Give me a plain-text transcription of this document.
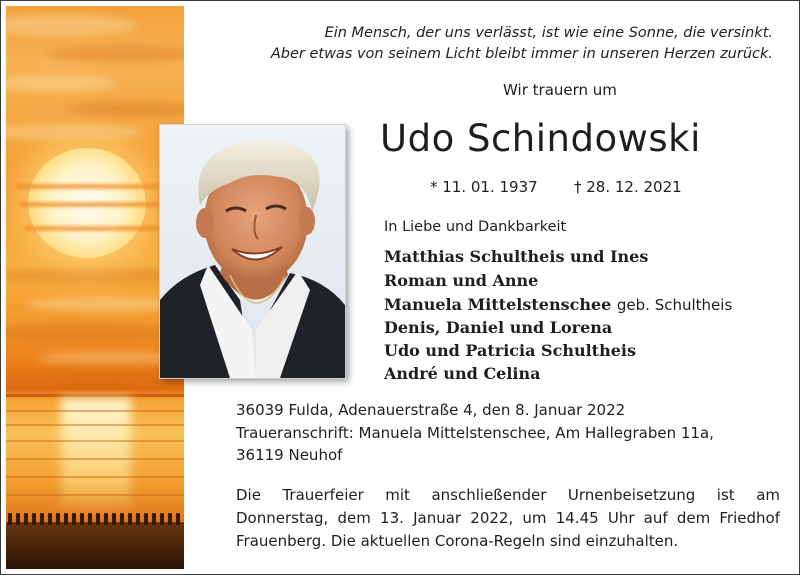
Ein Mensch, der uns verlässt, ist wie eine Sonne, die versinkt.
Aber etwas von seinem Licht bleibt immer in unseren Herzen zurück.
Wir trauern um
Udo Schindowski
* 11. 01. 1937 † 28. 12. 2021
In Liebe und Dankbarkeit
Matthias Schultheis und Ines
Roman und Anne
Manuela Mittelstenschee geb. Schultheis
Denis, Daniel und Lorena
Udo und Patricia Schultheis
André und Celina
36039 Fulda, Adenauerstraße 4, den 8. Januar 2022
Traueranschrift: Manuela Mittelstenschee, Am Hallegraben 11a,
36119 Neuhof
Die Trauerfeier mit anschließender Urnenbeisetzung ist am
Donnerstag, dem 13. Januar 2022, um 14.45 Uhr auf dem Friedhof
Frauenberg. Die aktuellen Corona-Regeln sind einzuhalten.
